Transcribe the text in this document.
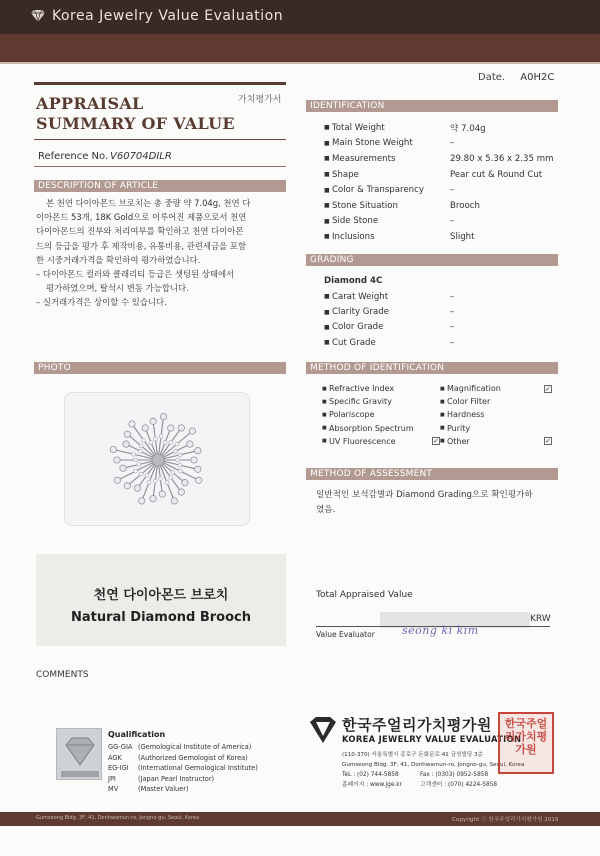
Korea Jewelry Value Evaluation
Date. A0H2C
가치평가서
APPRAISAL
SUMMARY OF VALUE
Reference No. V60704DILR
DESCRIPTION OF ARTICLE

본 천연 다이아몬드 브로치는 총 중량 약 7.04g, 천연 다

이아몬드 53개, 18K Gold으로 이루어진 제품으로서 천연

다이아몬드의 진부와 처리여부를 확인하고 천연 다이아몬

드의 등급을 평가 후 제작비용, 유통비용, 관련세금을 포함

한 시중거래가격을 확인하여 평가하였습니다.

– 다이아몬드 컬러와 클래리티 등급은 셋팅된 상태에서

평가하였으며, 탈석시 변동 가능합니다.

– 실거래가격은 상이할 수 있습니다.

PHOTO
천연 다이아몬드 브로치
Natural Diamond Brooch
COMMENTS
Qualification
GG-GIA (Gemological Institute of America)
AGK	(Authorized Gemologist of Korea)
EG-IGI	(International Gemological Institute)
JPI	(Japan Pearl Instructor)
MV	(Master Valuer)
IDENTIFICATION
■ Total Weight	약 7.04g
■ Main Stone Weight	–
■ Measurements	29.80 x 5.36 x 2.35 mm
■ Shape	Pear cut & Round Cut
■ Color & Transparency	–
■ Stone Situation	Brooch
■ Side Stone	–
■ Inclusions	Slight
GRADING
Diamond 4C
■ Carat Weight	–
■ Clarity Grade	–
■ Color Grade	–
■ Cut Grade	–
METHOD OF IDENTIFICATION
■ Refractive Index	■ Magnification	✓
■ Specific Gravity	■ Color Filter
■ Polariscope	■ Hardness
■ Absorption Spectrum	■ Purity
■ UV Fluorescence	✓ ■ Other	✓
METHOD OF ASSESSMENT
일반적인 보석감별과 Diamond Grading으로 확인평가하
였음.
Total Appraised Value
KRW
Value Evaluator seong ki kim
한국주얼리가치평가원
KOREA JEWELRY VALUE EVALUATION
(110-370) 서울특별시 종로구 돈화문로 41 금성빌딩 3층
Gumseong Bldg. 3F, 41, Donhwamun-ro, Jongno-gu, Seoul, Korea
TeL : (02) 744-5858	Fax : (0303) 0952-5858
홈페이지 : www.jge.kr	고객센터 : (070) 4224-5858
한국주얼리가치평가원
Gumseong Bldg. 3F, 41, Donhwamun-ro, Jongno-gu, Seoul, Korea	Copyright ⓒ 한국주얼리가치평가원 2015
